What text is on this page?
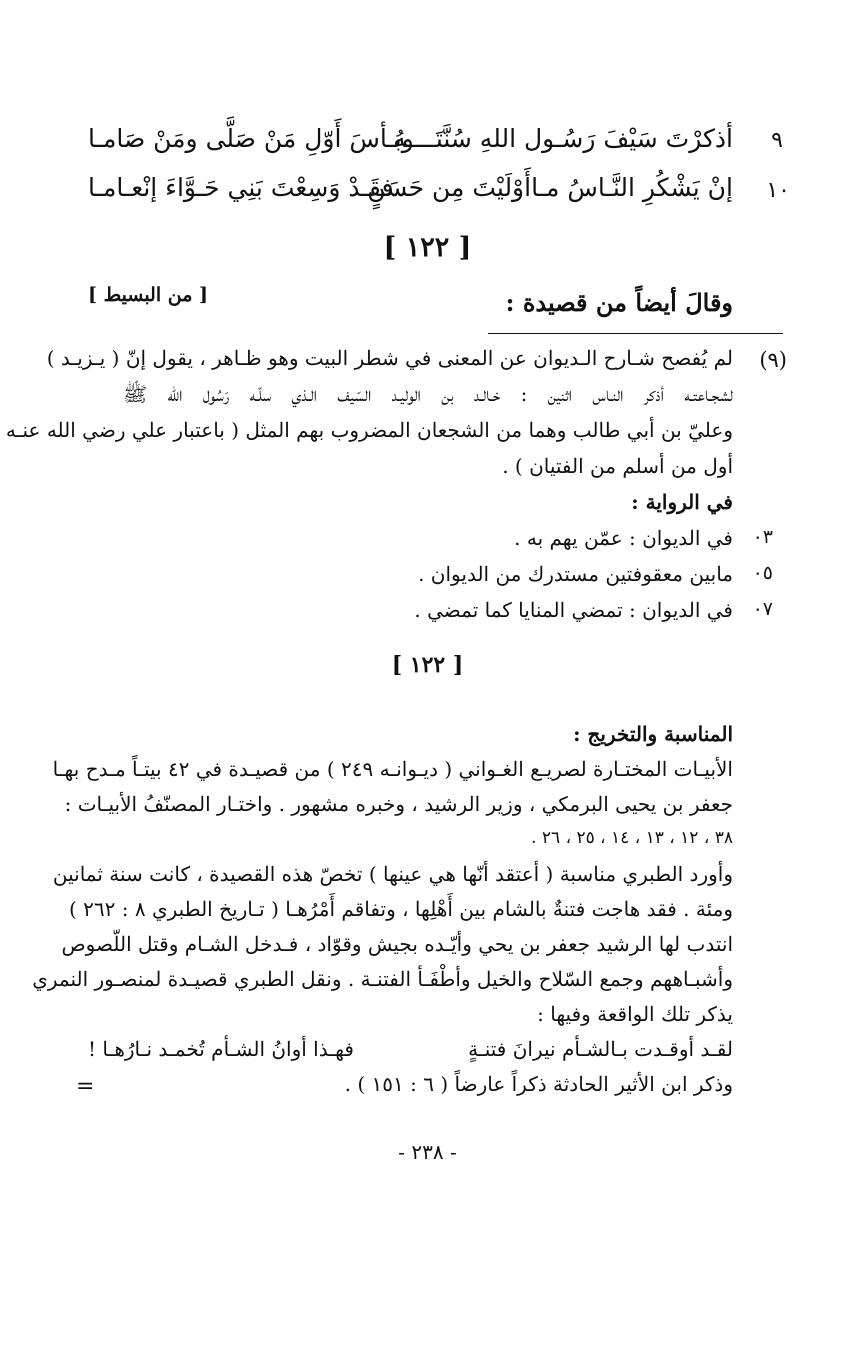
٩
أذكرْتَ سَيْفَ رَسُـول اللهِ سُنَّتَــــهُ
وبـأسَ أَوّلِ مَنْ صَلَّى ومَنْ صَامـا
١٠
إنْ يَشْكُرِ النَّـاسُ مـاأَوْلَيْتَ مِن حَسَنٍ
فقَـدْ وَسِعْتَ بَنِي حَـوَّاءَ إنْعـامـا
[ ١٢٢ ]
وقالَ أيضاً من قصيدة :
[ من البسيط ]
(٩)
لم يُفصح شـارح الـديوان عن المعنى في شطر البيت وهو ظـاهر ، يقول إنّ ( يـزيـد )
لشجـاعتـه أذكر النـاس اثنين : خـالـد بن الوليـد السّيف الـذي سلّـه رَسُول الله ﷺ
وعليّ بن أبي طالب وهما من الشجعان المضروب بهم المثل ( باعتبار علي رضي الله عنـه
أول من أسلم من الفتيان ) .
في الرواية :
٠٣
في الديوان : عمّن يهم به .
٠٥
مابين معقوفتين مستدرك من الديوان .
٠٧
في الديوان : تمضي المنايا كما تمضي .
[ ١٢٢ ]
المناسبة والتخريج :
الأبيـات المختـارة لصريـع الغـواني ( ديـوانـه ٢٤٩ ) من قصيـدة في ٤٢ بيتـاً مـدح بهـا
جعفر بن يحيى البرمكي ، وزير الرشيد ، وخبره مشهور . واختـار المصنّفُ الأبيـات :
٣٨ ، ١٢ ، ١٣ ، ١٤ ، ٢٥ ، ٢٦ .
وأورد الطبري مناسبة ( أعتقد أنّها هي عينها ) تخصّ هذه القصيدة ، كانت سنة ثمانين
ومئة . فقد هاجت فتنةٌ بالشام بين أَهْلِها ، وتفاقم أَمْرُهـا ( تـاريخ الطبري ٨ : ٢٦٢ )
انتدب لها الرشيد جعفر بن يحي وأيّـده بجيش وقوّاد ، فـدخل الشـام وقتل اللّصوص
وأشبـاههم وجمع السّلاح والخيل وأطْفَـأ الفتنـة . ونقل الطبري قصيـدة لمنصـور النمري
يذكر تلك الواقعة وفيها :
لقـد أوقـدت بـالشـأم نيرانَ فتنـةٍ
فهـذا أوانُ الشـأم تُخمـد نـارُهـا !
وذكر ابن الأثير الحادثة ذكراً عارضاً ( ٦ : ١٥١ ) .
=
- ٢٣٨ -
